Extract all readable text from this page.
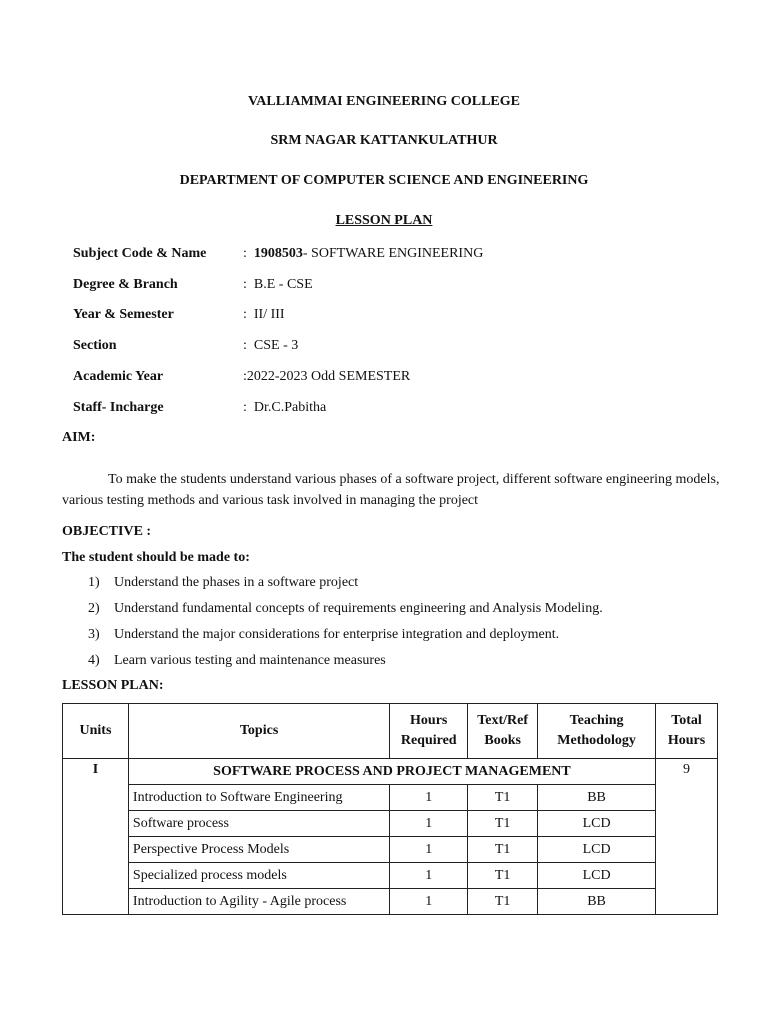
VALLIAMMAI ENGINEERING COLLEGE
SRM NAGAR KATTANKULATHUR
DEPARTMENT OF COMPUTER SCIENCE AND ENGINEERING
LESSON PLAN
Subject Code & Name	: 1908503- SOFTWARE ENGINEERING
Degree & Branch	: B.E - CSE
Year & Semester	: II/ III
Section	: CSE - 3
Academic Year	:2022-2023 Odd SEMESTER
Staff- Incharge	: Dr.C.Pabitha
AIM:
To make the students understand various phases of a software project, different software engineering models, various testing methods and various task involved in managing the project
OBJECTIVE :
The student should be made to:
1) Understand the phases in a software project
2) Understand fundamental concepts of requirements engineering and Analysis Modeling.
3) Understand the major considerations for enterprise integration and deployment.
4) Learn various testing and maintenance measures
LESSON PLAN:
Units	Topics	Hours Required	Text/Ref Books	Teaching Methodology	Total Hours
I	SOFTWARE PROCESS AND PROJECT MANAGEMENT				9
	Introduction to Software Engineering	1	T1	BB	
	Software process	1	T1	LCD	
	Perspective Process Models	1	T1	LCD	
	Specialized process models	1	T1	LCD	
	Introduction to Agility - Agile process	1	T1	BB	
